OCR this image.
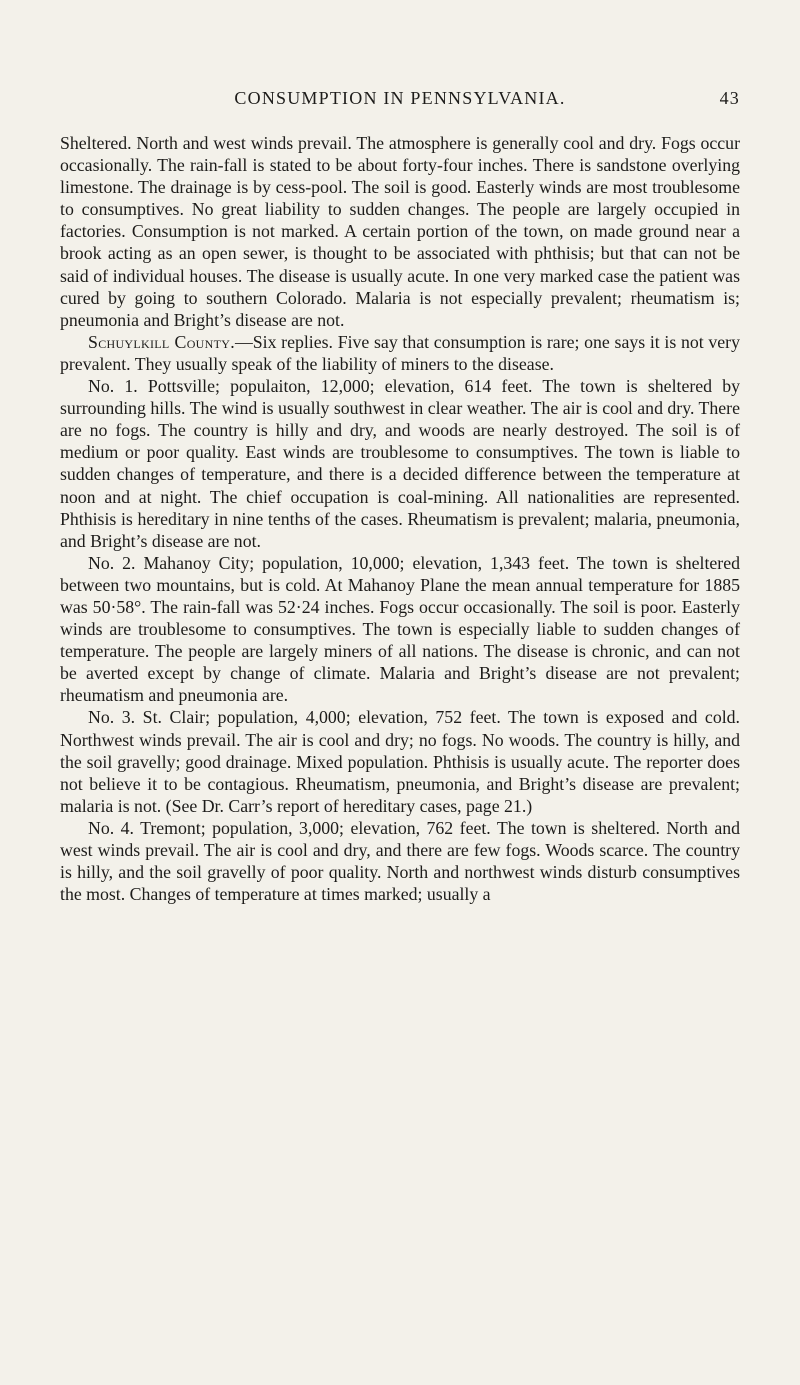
CONSUMPTION IN PENNSYLVANIA.	43

Sheltered. North and west winds prevail. The atmosphere is generally cool and dry. Fogs occur occasionally. The rain-fall is stated to be about forty-four inches. There is sandstone overlying limestone. The drainage is by cess-pool. The soil is good. Easterly winds are most troublesome to consumptives. No great liability to sudden changes. The people are largely occupied in factories. Consumption is not marked. A certain portion of the town, on made ground near a brook acting as an open sewer, is thought to be associated with phthisis; but that can not be said of individual houses. The disease is usually acute. In one very marked case the patient was cured by going to southern Colorado. Malaria is not especially prevalent; rheumatism is; pneumonia and Bright’s disease are not.

Schuylkill County.—Six replies. Five say that consumption is rare; one says it is not very prevalent. They usually speak of the liability of miners to the disease.

No. 1. Pottsville; populaiton, 12,000; elevation, 614 feet. The town is sheltered by surrounding hills. The wind is usually southwest in clear weather. The air is cool and dry. There are no fogs. The country is hilly and dry, and woods are nearly destroyed. The soil is of medium or poor quality. East winds are troublesome to consumptives. The town is liable to sudden changes of temperature, and there is a decided difference between the temperature at noon and at night. The chief occupation is coal-mining. All nationalities are represented. Phthisis is hereditary in nine tenths of the cases. Rheumatism is prevalent; malaria, pneumonia, and Bright’s disease are not.

No. 2. Mahanoy City; population, 10,000; elevation, 1,343 feet. The town is sheltered between two mountains, but is cold. At Mahanoy Plane the mean annual temperature for 1885 was 50·58°. The rain-fall was 52·24 inches. Fogs occur occasionally. The soil is poor. Easterly winds are troublesome to consumptives. The town is especially liable to sudden changes of temperature. The people are largely miners of all nations. The disease is chronic, and can not be averted except by change of climate. Malaria and Bright’s disease are not prevalent; rheumatism and pneumonia are.

No. 3. St. Clair; population, 4,000; elevation, 752 feet. The town is exposed and cold. Northwest winds prevail. The air is cool and dry; no fogs. No woods. The country is hilly, and the soil gravelly; good drainage. Mixed population. Phthisis is usually acute. The reporter does not believe it to be contagious. Rheumatism, pneumonia, and Bright’s disease are prevalent; malaria is not. (See Dr. Carr’s report of hereditary cases, page 21.)

No. 4. Tremont; population, 3,000; elevation, 762 feet. The town is sheltered. North and west winds prevail. The air is cool and dry, and there are few fogs. Woods scarce. The country is hilly, and the soil gravelly of poor quality. North and northwest winds disturb consumptives the most. Changes of temperature at times marked; usually a
